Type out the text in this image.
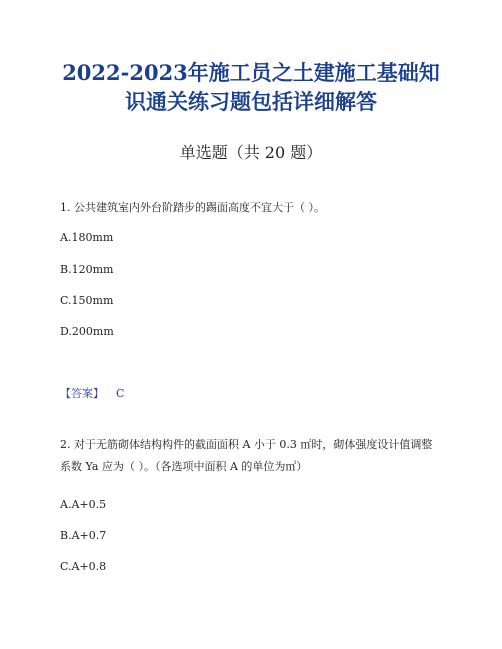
2022-2023年施工员之土建施工基础知
识通关练习题包括详细解答
单选题（共 20 题）
1. 公共建筑室内外台阶踏步的踢面高度不宜大于（ ）。
A.180mm
B.120mm
C.150mm
D.200mm
【答案】 C
2. 对于无筋砌体结构构件的截面面积 A 小于 0.3 ㎡时，砌体强度设计值调整
系数 Ya 应为（ ）。（各选项中面积 A 的单位为㎡）
A.A+0.5
B.A+0.7
C.A+0.8
